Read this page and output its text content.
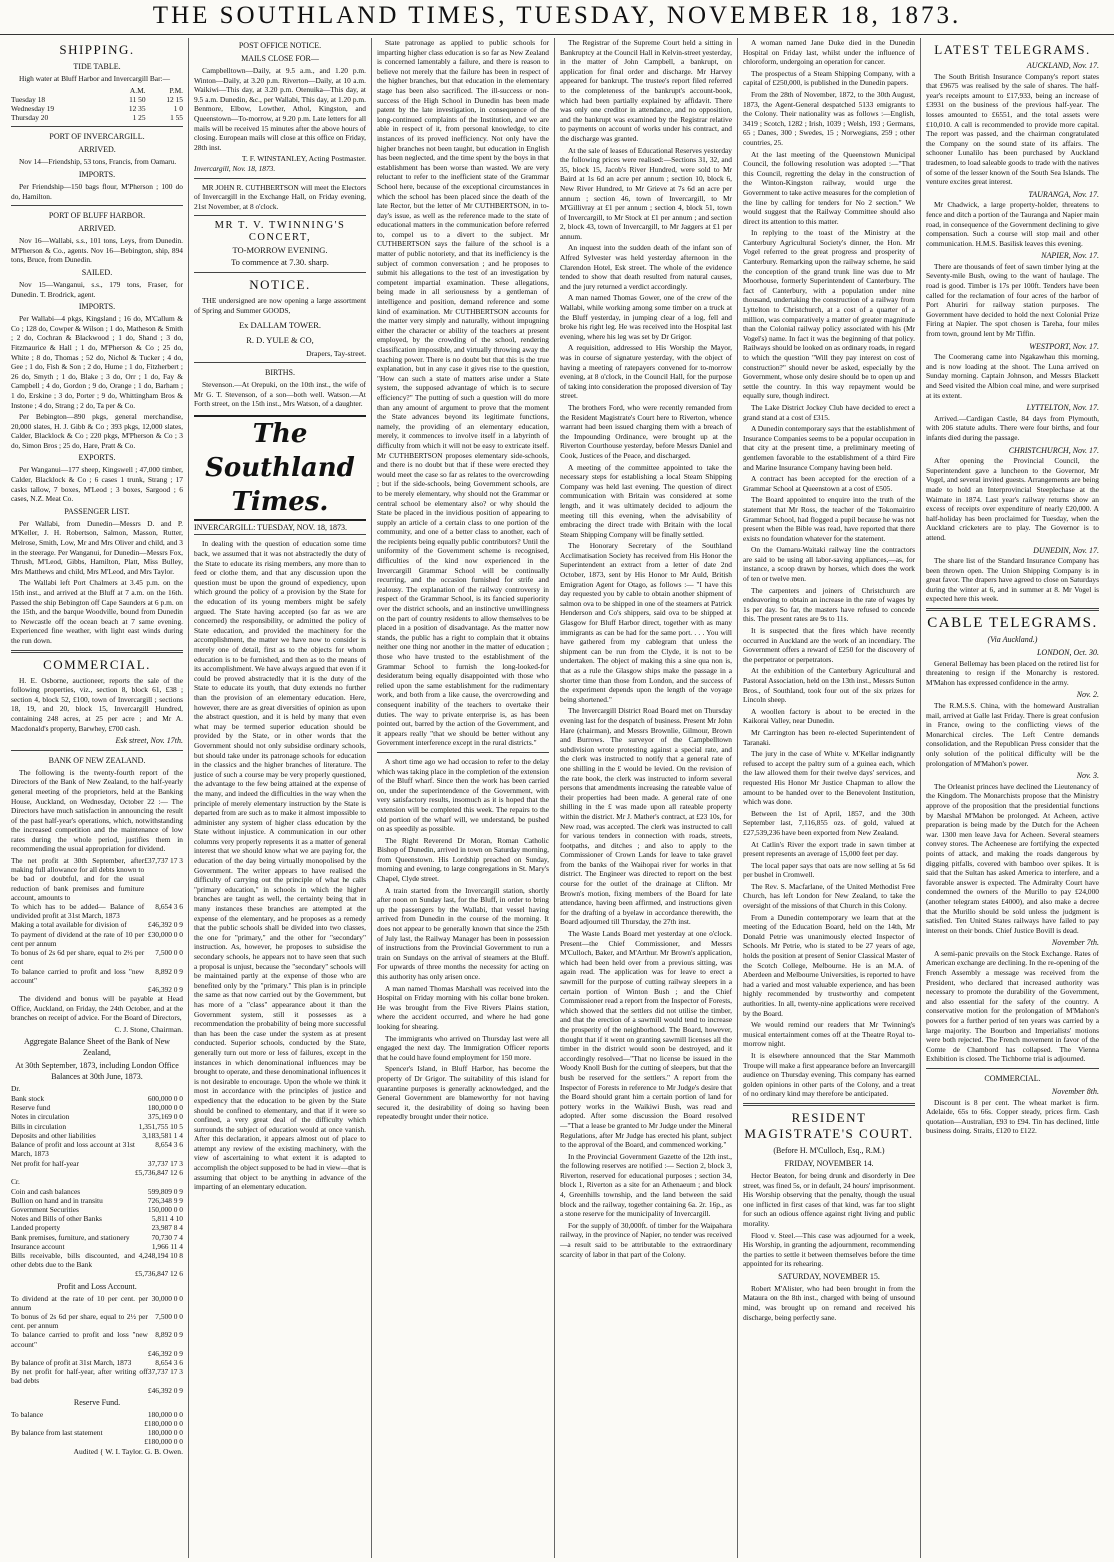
THE SOUTHLAND TIMES, TUESDAY, NOVEMBER 18, 1873.
SHIPPING.
TIDE TABLE.

High water at Bluff Harbor and Invercargill Bar:—

	A.M.	P.M.
Tuesday 18	11 50	12 15
Wednesday 19	12 35	1 0
Thursday 20	1 25	1 55
PORT OF INVERCARGILL.
ARRIVED.

Nov 14—Friendship, 53 tons, Francis, from Oamaru.

IMPORTS.

Per Friendship—150 bags flour, M'Pherson ; 100 do do, Hamilton.

PORT OF BLUFF HARBOR.
ARRIVED.

Nov 16—Wallabi, s.s., 101 tons, Leys, from Dunedin. M'Pherson & Co., agents. Nov 16—Bebington, ship, 894 tons, Bruce, from Dunedin.

SAILED.

Nov 15—Wanganui, s.s., 179 tons, Fraser, for Dunedin. T. Brodrick, agent.

IMPORTS.

Per Wallabi—4 pkgs, Kingsland ; 16 do, M'Callum & Co ; 128 do, Cowper & Wilson ; 1 do, Matheson & Smith ; 2 do, Cochran & Blackwood ; 1 do, Shand ; 3 do, Fitzmaurice & Hall ; 1 do, M'Pherson & Co ; 25 do, White ; 8 do, Thomas ; 52 do, Nichol & Tucker ; 4 do, Gee ; 1 do, Fish & Son ; 2 do, Hume ; 1 do, Fitzherbert ; 26 do, Smyth ; 1 do, Blake ; 3 do, Orr ; 1 do, Fay & Campbell ; 4 do, Gordon ; 9 do, Orange ; 1 do, Barham ; 1 do, Erskine ; 3 do, Porter ; 9 do, Whittingham Bros & Instone ; 4 do, Strang ; 2 do, Ta per & Co.

Per Bebington—890 pkgs, general merchandise, 20,000 slates, H. J. Gibb & Co ; 393 pkgs, 12,000 slates, Calder, Blacklock & Co ; 220 pkgs, M'Pherson & Co ; 3 do, Simon Bros ; 25 do, Hare, Pratt & Co.

EXPORTS.

Per Wanganui—177 sheep, Kingswell ; 47,000 timber, Calder, Blacklock & Co ; 6 cases 1 trunk, Strang ; 17 casks tallow, 7 boxes, M'Leod ; 3 boxes, Sargood ; 6 cases, N.Z. Meat Co.

PASSENGER LIST.

Per Wallabi, from Dunedin—Messrs D. and P. M'Keller, J. H. Robertson, Salmon, Masson, Rutter, Melrose, Smith, Low, Mr and Mrs Oliver and child, and 3 in the steerage. Per Wanganui, for Dunedin—Messrs Fox, Thrush, M'Leod, Gibbs, Hamilton, Platt, Miss Bulley, Mrs Matthews and child, Mrs M'Leod, and Mrs Taylor.

The Wallabi left Port Chalmers at 3.45 p.m. on the 15th inst., and arrived at the Bluff at 7 a.m. on the 16th. Passed the ship Bebington off Cape Saunders at 6 p.m. on the 15th, and the barque Woodville, bound from Dunedin to Newcastle off the ocean beach at 7 same evening. Experienced fine weather, with light east winds during the run down.

COMMERCIAL.

H. E. Osborne, auctioneer, reports the sale of the following properties, viz., section 8, block 61, £38 ; section 4, block 52, £100, town of Invercargill ; sections 18, 19, and 20, block 15, Invercargill Hundred, containing 248 acres, at 25 per acre ; and Mr A. Macdonald's property, Barwhey, £700 cash.

Esk street, Nov. 17th.
BANK OF NEW ZEALAND.

The following is the twenty-fourth report of the Directors of the Bank of New Zealand, to the half-yearly general meeting of the proprietors, held at the Banking House, Auckland, on Wednesday, October 22 :— The Directors have much satisfaction in announcing the result of the past half-year's operations, which, notwithstanding the increased competition and the maintenance of low rates during the whole period, justifies them in recommending the usual appropriation for dividend.

The net profit at 30th September, after making full allowance for all debts known to be bad or doubtful, and for the usual reduction of bank premises and furniture account, amounts to	£37,737 17 3
To which has to be added— Balance of undivided profit at 31st March, 1873	8,654 3 6
Making a total available for division of	£46,392 0 9
To payment of dividend at the rate of 10 per cent per annum	£30,000 0 0
To bonus of 2s 6d per share, equal to 2½ per cent	7,500 0 0
To balance carried to profit and loss "new account"	8,892 0 9
	£46,392 0 9

The dividend and bonus will be payable at Head Office, Auckland, on Friday, the 24th October, and at the branches on receipt of advice. For the Board of Directors,

C. J. Stone, Chairman.
Aggregate Balance Sheet of the Bank of New Zealand,
At 30th September, 1873, including London Office Balances at 30th June, 1873.
Dr.
Bank stock	600,000 0 0
Reserve fund	180,000 0 0
Notes in circulation	375,169 0 0
Bills in circulation	1,351,755 10 5
Deposits and other liabilities	3,183,581 1 4
Balance of profit and loss account at 31st March, 1873	8,654 3 6
Net profit for half-year	37,737 17 3
	£5,736,847 12 6
Cr.
Coin and cash balances	599,809 0 9
Bullion on hand and in transitu	726,348 9 9
Government Securities	150,000 0 0
Notes and Bills of other Banks	5,811 4 10
Landed property	23,987 8 4
Bank premises, furniture, and stationery	70,730 7 4
Insurance account	1,966 11 4
Bills receivable, bills discounted, and other debts due to the Bank	4,248,194 10 8
	£5,736,847 12 6
Profit and Loss Account.
To dividend at the rate of 10 per cent. per annum	30,000 0 0
To bonus of 2s 6d per share, equal to 2½ per cent. per annum	7,500 0 0
To balance carried to profit and loss "new account"	8,892 0 9
	£46,392 0 9
By balance of profit at 31st March, 1873	8,654 3 6
By net profit for half-year, after writing off bad debts	37,737 17 3
	£46,392 0 9
Reserve Fund.
To balance	180,000 0 0
	£180,000 0 0
By balance from last statement	180,000 0 0
	£180,000 0 0
Audited { W. I. Taylor. G. B. Owen.
POST OFFICE NOTICE.
MAILS CLOSE FOR—

Campbelltown—Daily, at 9.5 a.m., and 1.20 p.m. Winton—Daily, at 3.20 p.m. Riverton—Daily, at 10 a.m. Waikiwi—This day, at 3.20 p.m. Otenuika—This day, at 9.5 a.m. Dunedin, &c., per Wallabi, This day, at 1.20 p.m. Benmore, Elbow, Lowther, Athol, Kingston, and Queenstown—To-morrow, at 9.20 p.m. Late letters for all mails will be received 15 minutes after the above hours of closing. European mails will close at this office on Friday, 28th inst.

T. F. WINSTANLEY, Acting Postmaster.
Invercargill, Nov. 18, 1873.

MR JOHN R. CUTHBERTSON will meet the Electors of Invercargill in the Exchange Hall, on Friday evening, 21st November, at 8 o'clock.

MR T. V. TWINNING'S
CONCERT,
TO-MORROW EVENING.
To commence at 7.30. sharp.
NOTICE.

THE undersigned are now opening a large assortment of Spring and Summer GOODS,

Ex DALLAM TOWER.
R. D. YULE & CO,
Drapers, Tay-street.
BIRTHS.

Stevenson.—At Orepuki, on the 10th inst., the wife of Mr G. T. Stevenson, of a son—both well. Watson.—At Forth street, on the 15th inst., Mrs Watson, of a daughter.

The Southland Times.
INVERCARGILL: TUESDAY, NOV. 18, 1873.

In dealing with the question of education some time back, we assumed that it was not abstractedly the duty of the State to educate its rising members, any more than to feed or clothe them, and that any discussion upon the question must be upon the ground of expediency, upon which ground the policy of a provision by the State for the education of its young members might be safely argued. The State having accepted (so far as we are concerned) the responsibility, or admitted the policy of State education, and provided the machinery for the accomplishment, the matter we have now to consider is merely one of detail, first as to the objects for whom education is to be furnished, and then as to the means of its accomplishment. We have always argued that even if it could be proved abstractedly that it is the duty of the State to educate its youth, that duty extends no further than the provision of an elementary education. Here, however, there are as great diversities of opinion as upon the abstract question, and it is held by many that even what may be termed superior education should be provided by the State, or in other words that the Government should not only subsidise ordinary schools, but should take under its patronage schools for education in the classics and the higher branches of literature. The justice of such a course may be very properly questioned, the advantage to the few being attained at the expense of the many, and indeed the difficulties in the way when the principle of merely elementary instruction by the State is departed from are such as to make it almost impossible to administer any system of higher class education by the State without injustice. A communication in our other columns very properly represents it as a matter of general interest that we should know what we are paying for, the education of the day being virtually monopolised by the Government. The writer appears to have realised the difficulty of carrying out the principle of what he calls "primary education," in schools in which the higher branches are taught as well, the certainty being that in many instances these branches are attempted at the expense of the elementary, and he proposes as a remedy that the public schools shall be divided into two classes, the one for "primary," and the other for "secondary" instruction. As, however, he proposes to subsidise the secondary schools, he appears not to have seen that such a proposal is unjust, because the "secondary" schools will be maintained partly at the expense of those who are benefited only by the "primary." This plan is in principle the same as that now carried out by the Government, but has more of a "class" appearance about it than the Government system, still it possesses as a recommendation the probability of being more successful than has been the case under the system as at present conducted. Superior schools, conducted by the State, generally turn out more or less of failures, except in the instances in which denominational influences may be brought to operate, and these denominational influences it is not desirable to encourage. Upon the whole we think it most in accordance with the principles of justice and expediency that the education to be given by the State should be confined to elementary, and that if it were so confined, a very great deal of the difficulty which surrounds the subject of education would at once vanish. After this declaration, it appears almost out of place to attempt any review of the existing machinery, with the view of ascertaining to what extent it is adapted to accomplish the object supposed to be had in view—that is assuming that object to be anything in advance of the imparting of an elementary education.

State patronage as applied to public schools for imparting higher class education is so far as New Zealand is concerned lamentably a failure, and there is reason to believe not merely that the failure has been in respect of the higher branches, but that education in the elementary stage has been also sacrificed. The ill-success or non-success of the High School in Dunedin has been made patent by the late investigation, in consequence of the long-continued complaints of the Institution, and we are able in respect of it, from personal knowledge, to cite instances of its proved inefficiency. Not only have the higher branches not been taught, but education in English has been neglected, and the time spent by the boys in that establishment has been worse than wasted. We are very reluctant to refer to the inefficient state of the Grammar School here, because of the exceptional circumstances in which the school has been placed since the death of the late Rector, but the letter of Mr CUTHBERTSON, in to-day's issue, as well as the reference made to the state of educational matters in the communication before referred to, compel us to a divert to the subject. Mr CUTHBERTSON says the failure of the school is a matter of public notoriety, and that its inefficiency is the subject of common conversation ; and he proposes to submit his allegations to the test of an investigation by competent impartial examination. These allegations, being made in all seriousness by a gentleman of intelligence and position, demand reference and some kind of examination. Mr CUTHBERTSON accounts for the matter very simply and naturally, without impugning either the character or ability of the teachers at present employed, by the crowding of the school, rendering classification impossible, and virtually throwing away the teaching power. There is no doubt but that this is the true explanation, but in any case it gives rise to the question, "How can such a state of matters arise under a State system, the supposed advantage of which is to secure efficiency?" The putting of such a question will do more than any amount of argument to prove that the moment the State advances beyond its legitimate functions, namely, the providing of an elementary education, merely, it commences to involve itself in a labyrinth of difficulty from which it will not be easy to extricate itself. Mr CUTHBERTSON proposes elementary side-schools, and there is no doubt but that if these were erected they would meet the case so far as relates to the overcrowding ; but if the side-schools, being Government schools, are to be merely elementary, why should not the Grammar or central school be elementary also? or why should the State be placed in the invidious position of appearing to supply an article of a certain class to one portion of the community, and one of a better class to another, each of the recipients being equally public contributors? Until the uniformity of the Government scheme is recognised, difficulties of the kind now experienced in the Invercargill Grammar School will be continually recurring, and the occasion furnished for strife and jealousy. The explanation of the railway controversy in respect of the Grammar School, is its fancied superiority over the district schools, and an instinctive unwillingness on the part of country residents to allow themselves to be placed in a position of disadvantage. As the matter now stands, the public has a right to complain that it obtains neither one thing nor another in the matter of education ; those who have trusted to the establishment of the Grammar School to furnish the long-looked-for desideratum being equally disappointed with those who relied upon the same establishment for the rudimentary work, and both from a like cause, the overcrowding and consequent inability of the teachers to overtake their duties. The way to private enterprise is, as has been pointed out, barred by the action of the Government, and it appears really "that we should be better without any Government interference except in the rural districts."

A short time ago we had occasion to refer to the delay which was taking place in the completion of the extension of the Bluff wharf. Since then the work has been carried on, under the superintendence of the Government, with very satisfactory results, insomuch as it is hoped that the extension will be completed this week. The repairs to the old portion of the wharf will, we understand, be pushed on as speedily as possible.

The Right Reverend Dr Moran, Roman Catholic Bishop of Dunedin, arrived in town on Saturday morning, from Queenstown. His Lordship preached on Sunday, morning and evening, to large congregations in St. Mary's Chapel, Clyde street.

A train started from the Invercargill station, shortly after noon on Sunday last, for the Bluff, in order to bring up the passengers by the Wallabi, that vessel having arrived from Dunedin in the course of the morning. It does not appear to be generally known that since the 25th of July last, the Railway Manager has been in possession of instructions from the Provincial Government to run a train on Sundays on the arrival of steamers at the Bluff. For upwards of three months the necessity for acting on this authority has only arisen once.

A man named Thomas Marshall was received into the Hospital on Friday morning with his collar bone broken. He was brought from the Five Rivers Plains station, where the accident occurred, and where he had gone looking for shearing.

The immigrants who arrived on Thursday last were all engaged the next day. The Immigration Officer reports that he could have found employment for 150 more.

Spencer's Island, in Bluff Harbor, has become the property of Dr Grigor. The suitability of this island for quarantine purposes is generally acknowledged, and the General Government are blameworthy for not having secured it, the desirability of doing so having been repeatedly brought under their notice.

The Registrar of the Supreme Court held a sitting in Bankruptcy at the Council Hall in Kelvin-street yesterday, in the matter of John Campbell, a bankrupt, on application for final order and discharge. Mr Harvey appeared for bankrupt. The trustee's report filed referred to the completeness of the bankrupt's account-book, which had been partially explained by affidavit. There was only one creditor in attendance, and no opposition, and the bankrupt was examined by the Registrar relative to payments on account of works under his contract, and the discharge was granted.

At the sale of leases of Educational Reserves yesterday the following prices were realised:—Sections 31, 32, and 35, block 15, Jacob's River Hundred, were sold to Mr Baird at 1s 6d an acre per annum ; section 10, block 6, New River Hundred, to Mr Grieve at 7s 6d an acre per annum ; section 46, town of Invercargill, to Mr M'Gillivray at £1 per annum ; section 4, block 51, town of Invercargill, to Mr Stock at £1 per annum ; and section 2, block 43, town of Invercargill, to Mr Jaggers at £1 per annum.

An inquest into the sudden death of the infant son of Alfred Sylvester was held yesterday afternoon in the Clarendon Hotel, Esk street. The whole of the evidence tended to show that death resulted from natural causes, and the jury returned a verdict accordingly.

A man named Thomas Gower, one of the crew of the Wallabi, while working among some timber on a truck at the Bluff yesterday, in jumping clear of a log, fell and broke his right leg. He was received into the Hospital last evening, where his leg was set by Dr Grigor.

A requisition, addressed to His Worship the Mayor, was in course of signature yesterday, with the object of having a meeting of ratepayers convened for to-morrow evening, at 8 o'clock, in the Council Hall, for the purpose of taking into consideration the proposed diversion of Tay street.

The brothers Ford, who were recently remanded from the Resident Magistrate's Court here to Riverton, whence warrant had been issued charging them with a breach of the Impounding Ordinance, were brought up at the Riverton Courthouse yesterday, before Messrs Daniel and Cook, Justices of the Peace, and discharged.

A meeting of the committee appointed to take the necessary steps for establishing a local Steam Shipping Company was held last evening. The question of direct communication with Britain was considered at some length, and it was ultimately decided to adjourn the meeting till this evening, when the advisability of embracing the direct trade with Britain with the local Steam Shipping Company will be finally settled.

The Honorary Secretary of the Southland Acclimatisation Society has received from His Honor the Superintendent an extract from a letter of date 2nd October, 1873, sent by His Honor to Mr Auld, British Emigration Agent for Otago, as follows :— "I have this day requested you by cable to obtain another shipment of salmon ova to be shipped in one of the steamers at Patrick Henderson and Co's shippers, said ova to be shipped at Glasgow for Bluff Harbor direct, together with as many immigrants as can be had for the same port. . . . You will have gathered from my cablegram that unless the shipment can be run from the Clyde, it is not to be undertaken. The object of making this a sine qua non is, that as a rule the Glasgow ships make the passage in a shorter time than those from London, and the success of the experiment depends upon the length of the voyage being shortened."

The Invercargill District Road Board met on Thursday evening last for the despatch of business. Present Mr John Hare (chairman), and Messrs Brownlie, Gilmour, Brown and Burrows. The surveyor of the Campbelltown subdivision wrote protesting against a special rate, and the clerk was instructed to notify that a general rate of one shilling in the £ would be levied. On the revision of the rate book, the clerk was instructed to inform several persons that amendments increasing the rateable value of their properties had been made. A general rate of one shilling in the £ was made upon all rateable property within the district. Mr J. Mather's contract, at £23 10s, for New road, was accepted. The clerk was instructed to call for various tenders in connection with roads, streets, footpaths, and ditches ; and also to apply to the Commissioner of Crown Lands for leave to take gravel from the banks of the Waihopai river for works in that district. The Engineer was directed to report on the best course for the outlet of the drainage at Clifton. Mr Brown's motion, fixing members of the Board for late attendance, having been affirmed, and instructions given for the drafting of a byelaw in accordance therewith, the Board adjourned till Thursday, the 27th inst.

The Waste Lands Board met yesterday at one o'clock. Present—the Chief Commissioner, and Messrs M'Culloch, Baker, and M'Arthur. Mr Brown's application, which had been held over from a previous sitting, was again read. The application was for leave to erect a sawmill for the purpose of cutting railway sleepers in a certain portion of Winton Bush ; and the Chief Commissioner read a report from the Inspector of Forests, which showed that the settlers did not utilise the timber, and that the erection of a sawmill would tend to increase the prosperity of the neighborhood. The Board, however, thought that if it went on granting sawmill licenses all the timber in the district would soon be destroyed, and it accordingly resolved—"That no license be issued in the Woody Knoll Bush for the cutting of sleepers, but that the bush be reserved for the settlers." A report from the Inspector of Forests in reference to Mr Judge's desire that the Board should grant him a certain portion of land for pottery works in the Waikiwi Bush, was read and adopted. After some discussion the Board resolved—"That a lease be granted to Mr Judge under the Mineral Regulations, after Mr Judge has erected his plant, subject to the approval of the Board, and commenced working."

In the Provincial Government Gazette of the 12th inst., the following reserves are notified :— Section 2, block 3, Riverton, reserved for educational purposes ; section 34, block 1, Riverton as a site for an Athenaeum ; and block 4, Greenhills township, and the land between the said block and the railway, together containing 6a. 2r. 16p., as a stone reserve for the municipality of Invercargill.

For the supply of 30,000ft. of timber for the Waipahara railway, in the province of Napier, no tender was received—a result said to be attributable to the extraordinary scarcity of labor in that part of the Colony.

A woman named Jane Duke died in the Dunedin Hospital on Friday last, whilst under the influence of chloroform, undergoing an operation for cancer.

The prospectus of a Steam Shipping Company, with a capital of £250,000, is published in the Dunedin papers.

From the 28th of November, 1872, to the 30th August, 1873, the Agent-General despatched 5133 emigrants to the Colony. Their nationality was as follows :—English, 3419 ; Scotch, 1282 ; Irish, 1039 ; Welsh, 193 ; Germans, 65 ; Danes, 300 ; Swedes, 15 ; Norwegians, 259 ; other countries, 25.

At the last meeting of the Queenstown Municipal Council, the following resolution was adopted :—"That this Council, regretting the delay in the construction of the Winton-Kingston railway, would urge the Government to take active measures for the completion of the line by calling for tenders for No 2 section." We would suggest that the Railway Committee should also direct its attention to this matter.

In replying to the toast of the Ministry at the Canterbury Agricultural Society's dinner, the Hon. Mr Vogel referred to the great progress and prosperity of Canterbury. Remarking upon the railway scheme, he said the conception of the grand trunk line was due to Mr Moorhouse, formerly Superintendent of Canterbury. The fact of Canterbury, with a population under nine thousand, undertaking the construction of a railway from Lyttelton to Christchurch, at a cost of a quarter of a million, was comparatively a matter of greater magnitude than the Colonial railway policy associated with his (Mr Vogel's) name. In fact it was the beginning of that policy. Railways should be looked on as ordinary roads, in regard to which the question "Will they pay interest on cost of construction?" should never be asked, especially by the Government, whose only desire should be to open up and settle the country. In this way repayment would be equally sure, though indirect.

The Lake District Jockey Club have decided to erect a grand stand at a cost of £315.

A Dunedin contemporary says that the establishment of Insurance Companies seems to be a popular occupation in that city at the present time, a preliminary meeting of gentlemen favorable to the establishment of a third Fire and Marine Insurance Company having been held.

A contract has been accepted for the erection of a Grammar School at Queenstown at a cost of £505.

The Board appointed to enquire into the truth of the statement that Mr Ross, the teacher of the Tokomairiro Grammar School, had flogged a pupil because he was not present when the Bible was read, have reported that there exists no foundation whatever for the statement.

On the Oamaru-Waitaki railway line the contractors are said to be using all labor-saving appliances,—as, for instance, a scoop drawn by horses, which does the work of ten or twelve men.

The carpenters and joiners of Christchurch are endeavoring to obtain an increase in the rate of wages by 1s per day. So far, the masters have refused to concede this. The present rates are 9s to 11s.

It is suspected that the fires which have recently occurred in Auckland are the work of an incendiary. The Government offers a reward of £250 for the discovery of the perpetrator or perpetrators.

At the exhibition of the Canterbury Agricultural and Pastoral Association, held on the 13th inst., Messrs Sutton Bros., of Southland, took four out of the six prizes for Lincoln sheep.

A woollen factory is about to be erected in the Kaikorai Valley, near Dunedin.

Mr Carrington has been re-elected Superintendent of Taranaki.

The jury in the case of White v. M'Kellar indignantly refused to accept the paltry sum of a guinea each, which the law allowed them for their twelve days' services, and requested His Honor Mr Justice Chapman to allow the amount to be handed over to the Benevolent Institution, which was done.

Between the 1st of April, 1857, and the 30th September last, 7,116,855 ozs. of gold, valued at £27,539,236 have been exported from New Zealand.

At Catlin's River the export trade in sawn timber at present represents an average of 15,000 feet per day.

The local paper says that oats are now selling at 5s 6d per bushel in Cromwell.

The Rev. S. Macfarlane, of the United Methodist Free Church, has left London for New Zealand, to take the oversight of the missions of that Church in this Colony.

From a Dunedin contemporary we learn that at the meeting of the Education Board, held on the 14th, Mr Donald Petrie was unanimously elected Inspector of Schools. Mr Petrie, who is stated to be 27 years of age, holds the position at present of Senior Classical Master of the Scotch College, Melbourne. He is an M.A. of Aberdeen and Melbourne Universities, is reported to have had a varied and most valuable experience, and has been highly recommended by trustworthy and competent authorities. In all, twenty-nine applications were received by the Board.

We would remind our readers that Mr Twinning's musical entertainment comes off at the Theatre Royal to-morrow night.

It is elsewhere announced that the Star Mammoth Troupe will make a first appearance before an Invercargill audience on Thursday evening. This company has earned golden opinions in other parts of the Colony, and a treat of no ordinary kind may therefore be anticipated.

RESIDENT MAGISTRATE'S COURT.
(Before H. M'Culloch, Esq., R.M.)
FRIDAY, NOVEMBER 14.

Hector Beaton, for being drunk and disorderly in Dee street, was fined 5s, or in default, 24 hours' imprisonment. His Worship observing that the penalty, though the usual one inflicted in first cases of that kind, was far too slight for such an odious offence against right living and public morality.

Flood v. Steel.—This case was adjourned for a week, His Worship, in granting the adjournment, recommending the parties to settle it between themselves before the time appointed for its rehearing.

SATURDAY, NOVEMBER 15.

Robert M'Alister, who had been brought in from the Mataura on the 8th inst., charged with being of unsound mind, was brought up on remand and received his discharge, being perfectly sane.

LATEST TELEGRAMS.
AUCKLAND, Nov. 17.

The South British Insurance Company's report states that £9675 was realised by the sale of shares. The half-year's receipts amount to £17,933, being an increase of £3931 on the business of the previous half-year. The losses amounted to £6551, and the total assets were £10,010. A call is recommended to provide more capital. The report was passed, and the chairman congratulated the Company on the sound state of its affairs. The schooner Lunalilo has been purchased by Auckland tradesmen, to load saleable goods to trade with the natives of some of the lesser known of the South Sea Islands. The venture excites great interest.

TAURANGA, Nov. 17.

Mr Chadwick, a large property-holder, threatens to fence and ditch a portion of the Tauranga and Napier main road, in consequence of the Government declining to give compensation. Such a course will stop mail and other communication. H.M.S. Basilisk leaves this evening.

NAPIER, Nov. 17.

There are thousands of feet of sawn timber lying at the Seventy-mile Bush, owing to the want of haulage. The road is good. Timber is 17s per 100ft. Tenders have been called for the reclamation of four acres of the harbor of Port Ahuriri for railway station purposes. The Government have decided to hold the next Colonial Prize Firing at Napier. The spot chosen is Tareha, four miles from town, ground lent by Mr Tiffin.

WESTPORT, Nov. 17.

The Coomerang came into Ngakawhau this morning, and is now loading at the shoot. The Luna arrived on Sunday morning. Captain Johnson, and Messrs Blackett and Seed visited the Albion coal mine, and were surprised at its extent.

LYTTELTON, Nov. 17.

Arrived.—Cardigan Castle, 84 days from Plymouth, with 206 statute adults. There were four births, and four infants died during the passage.

CHRISTCHURCH, Nov. 17.

After opening the Provincial Council, the Superintendent gave a luncheon to the Governor, Mr Vogel, and several invited guests. Arrangements are being made to hold an Interprovincial Steeplechase at the Waimate in 1874. Last year's railway returns show an excess of receipts over expenditure of nearly £20,000. A half-holiday has been proclaimed for Tuesday, when the Auckland cricketers are to play. The Governor is to attend.

DUNEDIN, Nov. 17.

The share list of the Standard Insurance Company has been thrown open. The Union Shipping Company is in great favor. The drapers have agreed to close on Saturdays during the winter at 6, and in summer at 8. Mr Vogel is expected here this week.

CABLE TELEGRAMS.
(Via Auckland.)
LONDON, Oct. 30.

General Bellemay has been placed on the retired list for threatening to resign if the Monarchy is restored. M'Mahon has expressed confidence in the army.

Nov. 2.

The R.M.S.S. China, with the homeward Australian mail, arrived at Galle last Friday. There is great confusion in France, owing to the conflicting views of the Monarchical circles. The Left Centre demands consolidation, and the Republican Press consider that the only solution of the political difficulty will be the prolongation of M'Mahon's power.

Nov. 3.

The Orleanist princes have declined the Lieutenancy of the Kingdom. The Monarchists propose that the Ministry approve of the proposition that the presidential functions by Marshal M'Mahon be prolonged. At Acheen, active preparation is being made by the Dutch for the Acheen war. 1300 men leave Java for Acheen. Several steamers convey stores. The Acheenese are fortifying the expected points of attack, and making the roads dangerous by digging pitfalls, covered with bamboo over spikes. It is said that the Sultan has asked America to interfere, and a favorable answer is expected. The Admiralty Court have condemned the owners of the Murillo to pay £24,000 (another telegram states £4000), and also make a decree that the Murillo should be sold unless the judgment is satisfied. Ten United States railways have failed to pay interest on their bonds. Chief Justice Bovill is dead.

November 7th.

A semi-panic prevails on the Stock Exchange. Rates of American exchange are declining. In the re-opening of the French Assembly a message was received from the President, who declared that increased authority was necessary to promote the durability of the Government, and also essential for the safety of the country. A conservative motion for the prolongation of M'Mahon's powers for a further period of ten years was carried by a large majority. The Bourbon and Imperialists' motions were both rejected. The French movement in favor of the Comte de Chambord has collapsed. The Vienna Exhibition is closed. The Tichborne trial is adjourned.

COMMERCIAL.
November 8th.

Discount is 8 per cent. The wheat market is firm. Adelaide, 65s to 66s. Copper steady, prices firm. Cash quotation—Australian, £93 to £94. Tin has declined, little business doing. Straits, £120 to £122.
